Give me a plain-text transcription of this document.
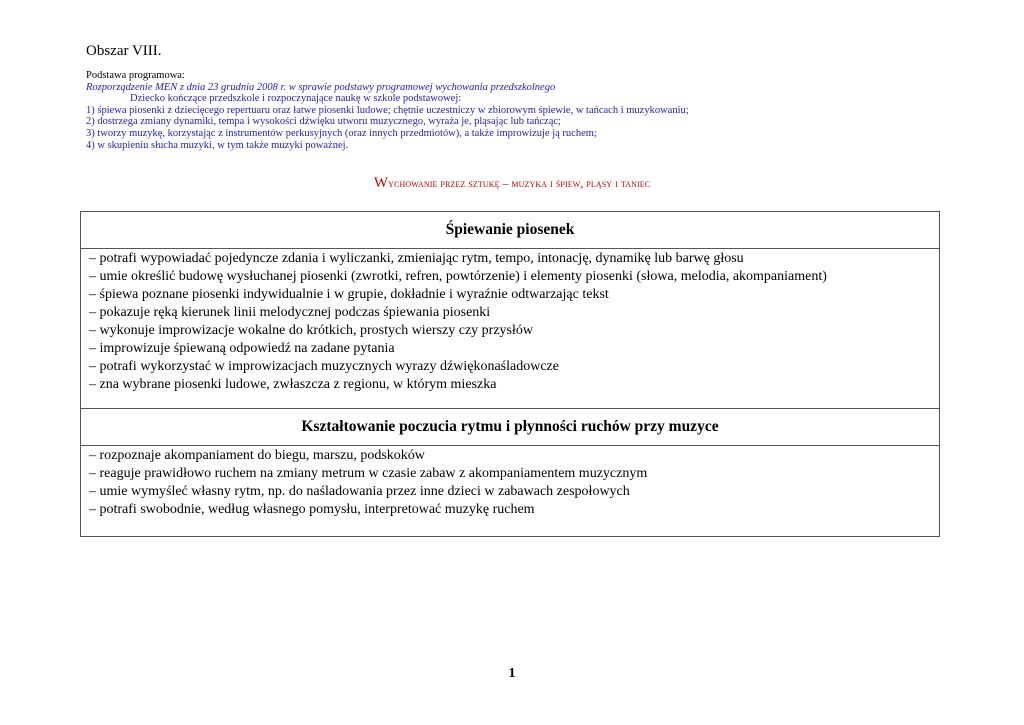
Obszar VIII.
Podstawa programowa:
Rozporządzenie MEN z dnia 23 grudnia 2008 r. w sprawie podstawy programowej wychowania przedszkolnego
Dziecko kończące przedszkole i rozpoczynające naukę w szkole podstawowej:
1) śpiewa piosenki z dziecięcego repertuaru oraz łatwe piosenki ludowe; chętnie uczestniczy w zbiorowym śpiewie, w tańcach i muzykowaniu;
2) dostrzega zmiany dynamiki, tempa i wysokości dźwięku utworu muzycznego, wyraża je, pląsając lub tańcząc;
3) tworzy muzykę, korzystając z instrumentów perkusyjnych (oraz innych przedmiotów), a także improwizuje ją ruchem;
4) w skupieniu słucha muzyki, w tym także muzyki poważnej.
Wychowanie przez sztukę – muzyka i śpiew, pląsy i taniec
Śpiewanie piosenek

– potrafi wypowiadać pojedyncze zdania i wyliczanki, zmieniając rytm, tempo, intonację, dynamikę lub barwę głosu
– umie określić budowę wysłuchanej piosenki (zwrotki, refren, powtórzenie) i elementy piosenki (słowa, melodia, akompaniament)
– śpiewa poznane piosenki indywidualnie i w grupie, dokładnie i wyraźnie odtwarzając tekst
– pokazuje ręką kierunek linii melodycznej podczas śpiewania piosenki
– wykonuje improwizacje wokalne do krótkich, prostych wierszy czy przysłów
– improwizuje śpiewaną odpowiedź na zadane pytania
– potrafi wykorzystać w improwizacjach muzycznych wyrazy dźwiękonaśladowcze
– zna wybrane piosenki ludowe, zwłaszcza z regionu, w którym mieszka

Kształtowanie poczucia rytmu i płynności ruchów przy muzyce

– rozpoznaje akompaniament do biegu, marszu, podskoków
– reaguje prawidłowo ruchem na zmiany metrum w czasie zabaw z akompaniamentem muzycznym
– umie wymyśleć własny rytm, np. do naśladowania przez inne dzieci w zabawach zespołowych
– potrafi swobodnie, według własnego pomysłu, interpretować muzykę ruchem
1
